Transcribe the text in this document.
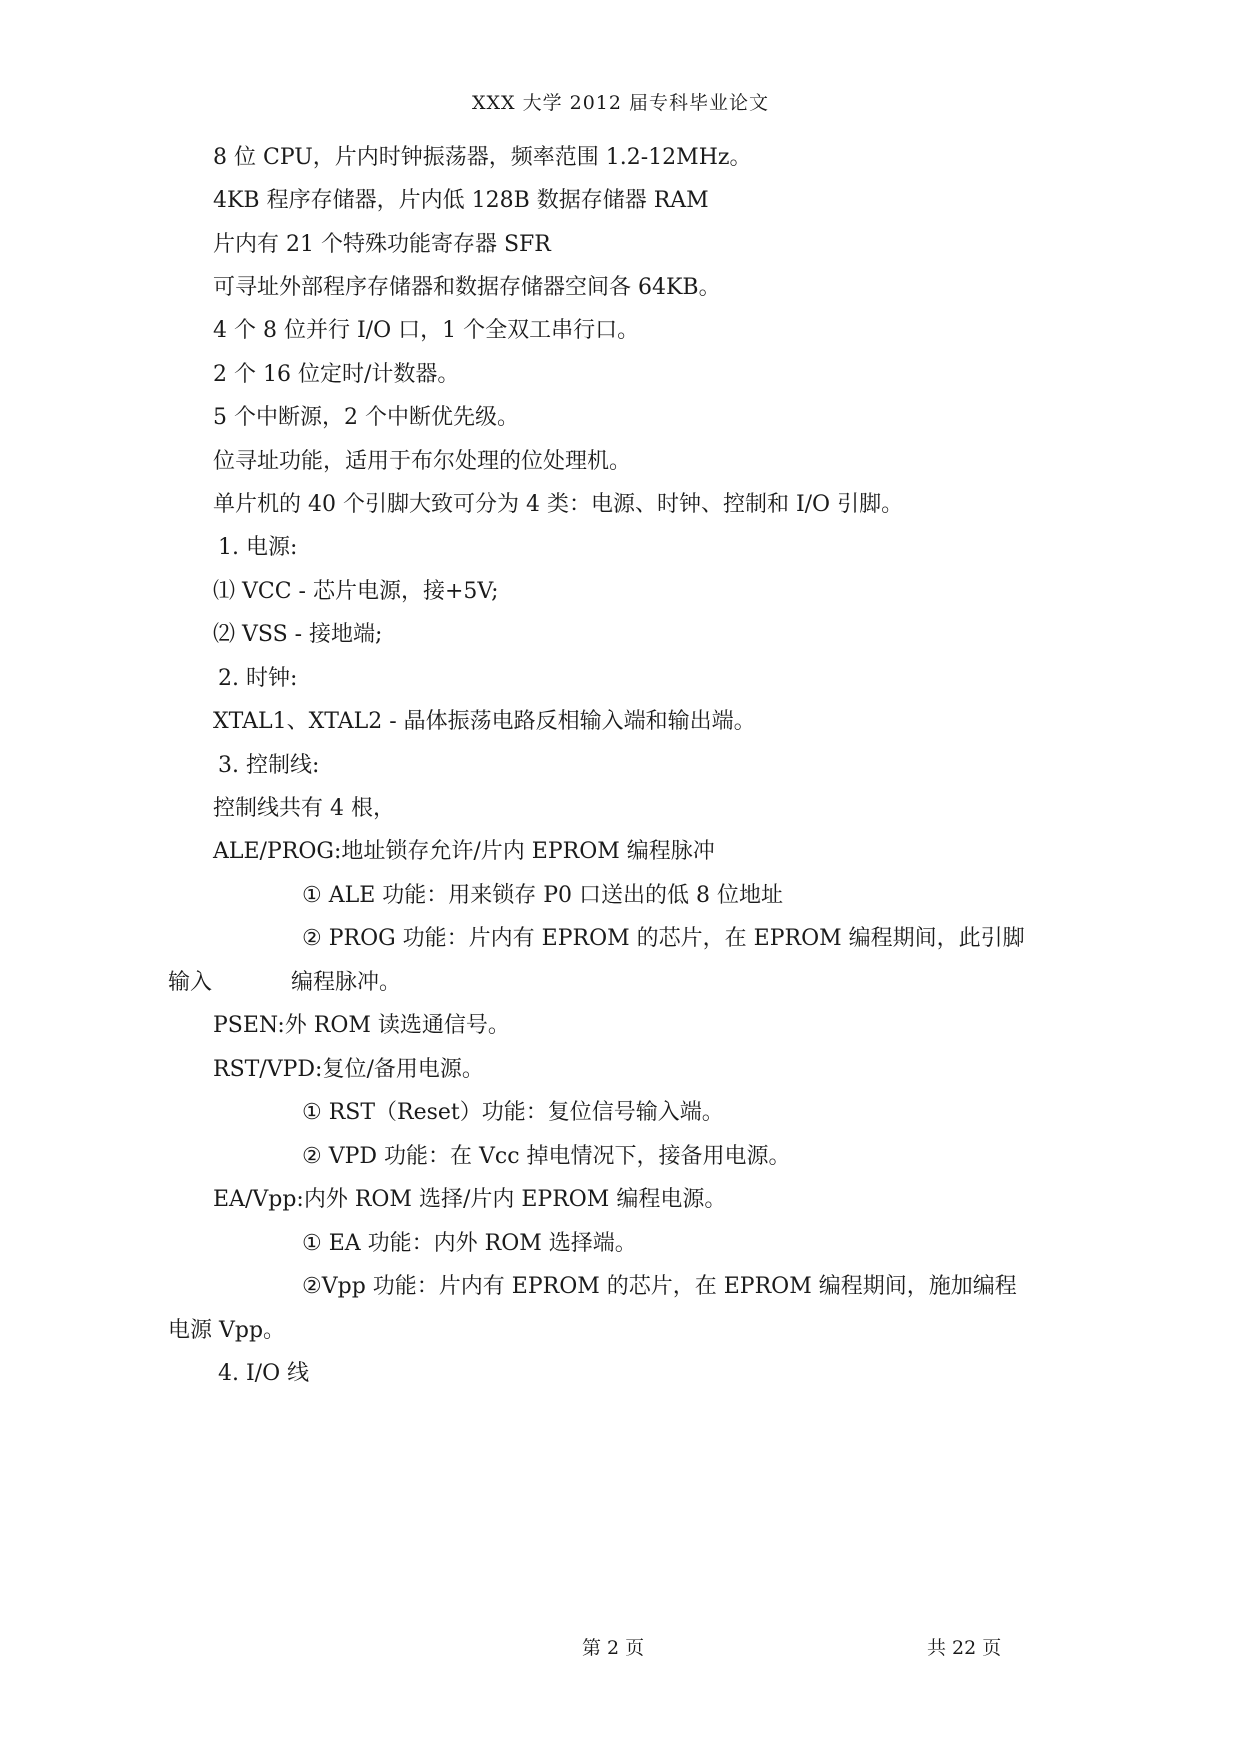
XXX 大学 2012 届专科毕业论文
8 位 CPU，片内时钟振荡器，频率范围 1.2-12MHz。
4KB 程序存储器，片内低 128B 数据存储器 RAM
片内有 21 个特殊功能寄存器 SFR
可寻址外部程序存储器和数据存储器空间各 64KB。
4 个 8 位并行 I/O 口，1 个全双工串行口。
2 个 16 位定时/计数器。
5 个中断源，2 个中断优先级。
位寻址功能，适用于布尔处理的位处理机。
单片机的 40 个引脚大致可分为 4 类：电源、时钟、控制和 I/O 引脚。
1. 电源:
⑴ VCC - 芯片电源，接+5V;
⑵ VSS - 接地端;
2. 时钟:
XTAL1、XTAL2 - 晶体振荡电路反相输入端和输出端。
3. 控制线:
控制线共有 4 根，
ALE/PROG:地址锁存允许/片内 EPROM 编程脉冲
① ALE 功能：用来锁存 P0 口送出的低 8 位地址
② PROG 功能：片内有 EPROM 的芯片，在 EPROM 编程期间，此引脚
输入	编程脉冲。
PSEN:外 ROM 读选通信号。
RST/VPD:复位/备用电源。
① RST（Reset）功能：复位信号输入端。
② VPD 功能：在 Vcc 掉电情况下，接备用电源。
EA/Vpp:内外 ROM 选择/片内 EPROM 编程电源。
① EA 功能：内外 ROM 选择端。
②Vpp 功能：片内有 EPROM 的芯片，在 EPROM 编程期间，施加编程
电源 Vpp。
4. I/O 线
第 2 页	共 22 页
